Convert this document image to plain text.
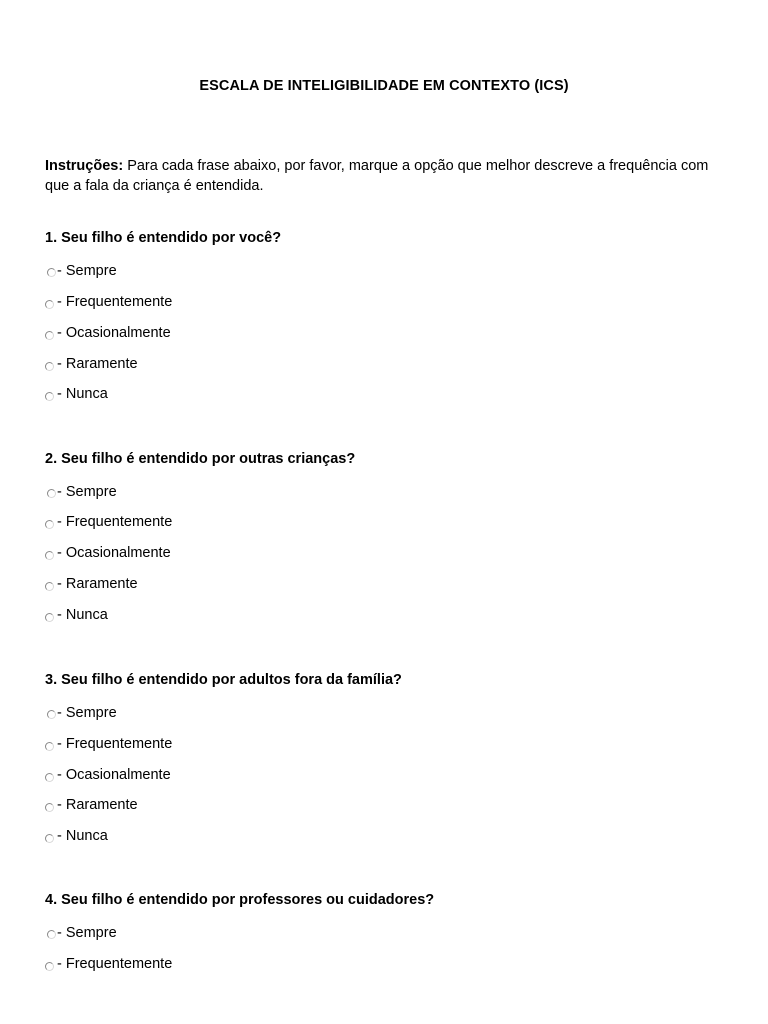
ESCALA DE INTELIGIBILIDADE EM CONTEXTO (ICS)
Instruções: Para cada frase abaixo, por favor, marque a opção que melhor descreve a frequência com que a fala da criança é entendida.
1. Seu filho é entendido por você?
- Sempre
- Frequentemente
- Ocasionalmente
- Raramente
- Nunca
2. Seu filho é entendido por outras crianças?
- Sempre
- Frequentemente
- Ocasionalmente
- Raramente
- Nunca
3. Seu filho é entendido por adultos fora da família?
- Sempre
- Frequentemente
- Ocasionalmente
- Raramente
- Nunca
4. Seu filho é entendido por professores ou cuidadores?
- Sempre
- Frequentemente
